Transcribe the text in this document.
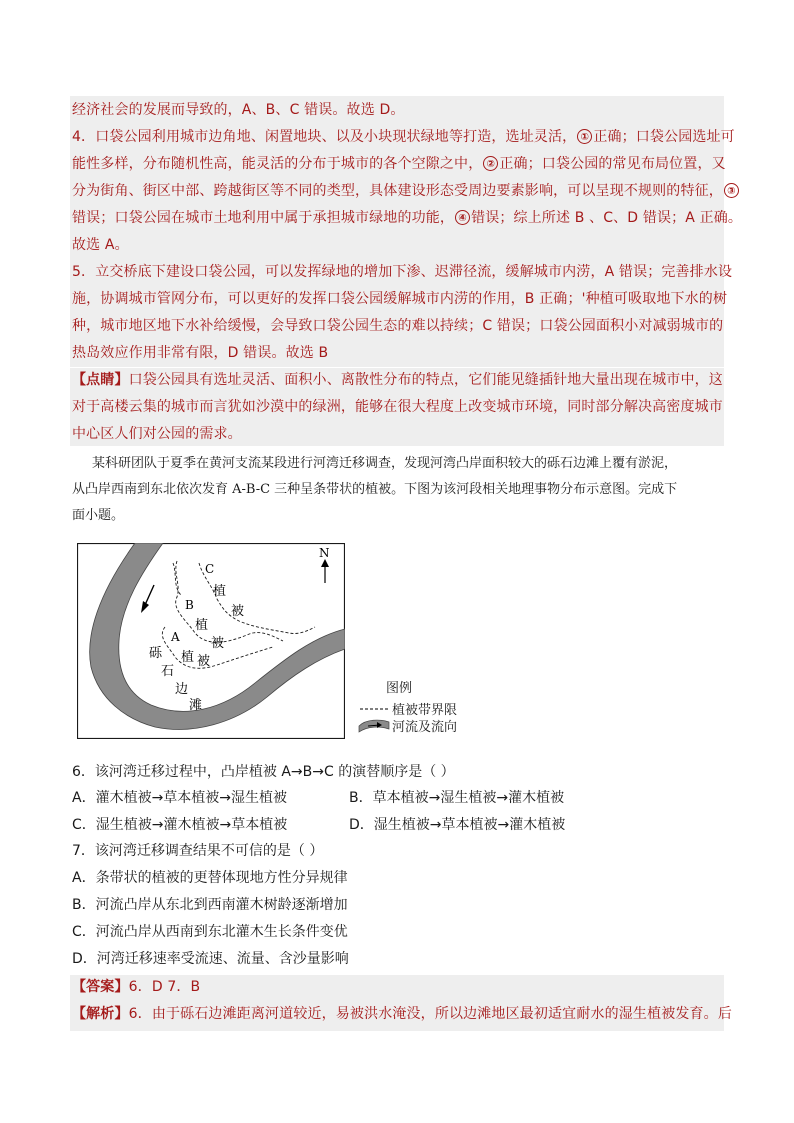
经济社会的发展而导致的，A、B、C 错误。故选 D。
4．口袋公园利用城市边角地、闲置地块、以及小块现状绿地等打造，选址灵活， ① 正确；口袋公园选址可
能性多样，分布随机性高，能灵活的分布于城市的各个空隙之中， ② 正确；口袋公园的常见布局位置，又
分为街角、街区中部、跨越街区等不同的类型，具体建设形态受周边要素影响，可以呈现不规则的特征， ③
错误；口袋公园在城市土地利用中属于承担城市绿地的功能， ④ 错误；综上所述 B 、C、D 错误；A 正确。
故选 A。
5．立交桥底下建设口袋公园，可以发挥绿地的增加下渗、迟滞径流，缓解城市内涝，A 错误；完善排水设
施，协调城市管网分布，可以更好的发挥口袋公园缓解城市内涝的作用，B 正确；'种植可吸取地下水的树
种，城市地区地下水补给缓慢，会导致口袋公园生态的难以持续；C 错误；口袋公园面积小对减弱城市的
热岛效应作用非常有限，D 错误。故选 B
【点睛】口袋公园具有选址灵活、面积小、离散性分布的特点，它们能见缝插针地大量出现在城市中，这
对于高楼云集的城市而言犹如沙漠中的绿洲，能够在很大程度上改变城市环境，同时部分解决高密度城市
中心区人们对公园的需求。
某科研团队于夏季在黄河支流某段进行河湾迁移调查，发现河湾凸岸面积较大的砾石边滩上覆有淤泥，
从凸岸西南到东北依次发育 A-B-C 三种呈条带状的植被。下图为该河段相关地理事物分布示意图。完成下
面小题。
N
C
植
被
B
植
被
A
植 被
砾
石
边
滩
图例
植被带界限
河流及流向
6．该河湾迁移过程中，凸岸植被 A→B→C 的演替顺序是（ ）
A．灌木植被→草本植被→湿生植被	B．草本植被→湿生植被→灌木植被
C．湿生植被→灌木植被→草本植被	D．湿生植被→草本植被→灌木植被
7．该河湾迁移调查结果不可信的是（ ）
A．条带状的植被的更替体现地方性分异规律
B．河流凸岸从东北到西南灌木树龄逐渐增加
C．河流凸岸从西南到东北灌木生长条件变优
D．河湾迁移速率受流速、流量、含沙量影响
【答案】6．D 7．B
【解析】6．由于砾石边滩距离河道较近，易被洪水淹没，所以边滩地区最初适宜耐水的湿生植被发育。后
